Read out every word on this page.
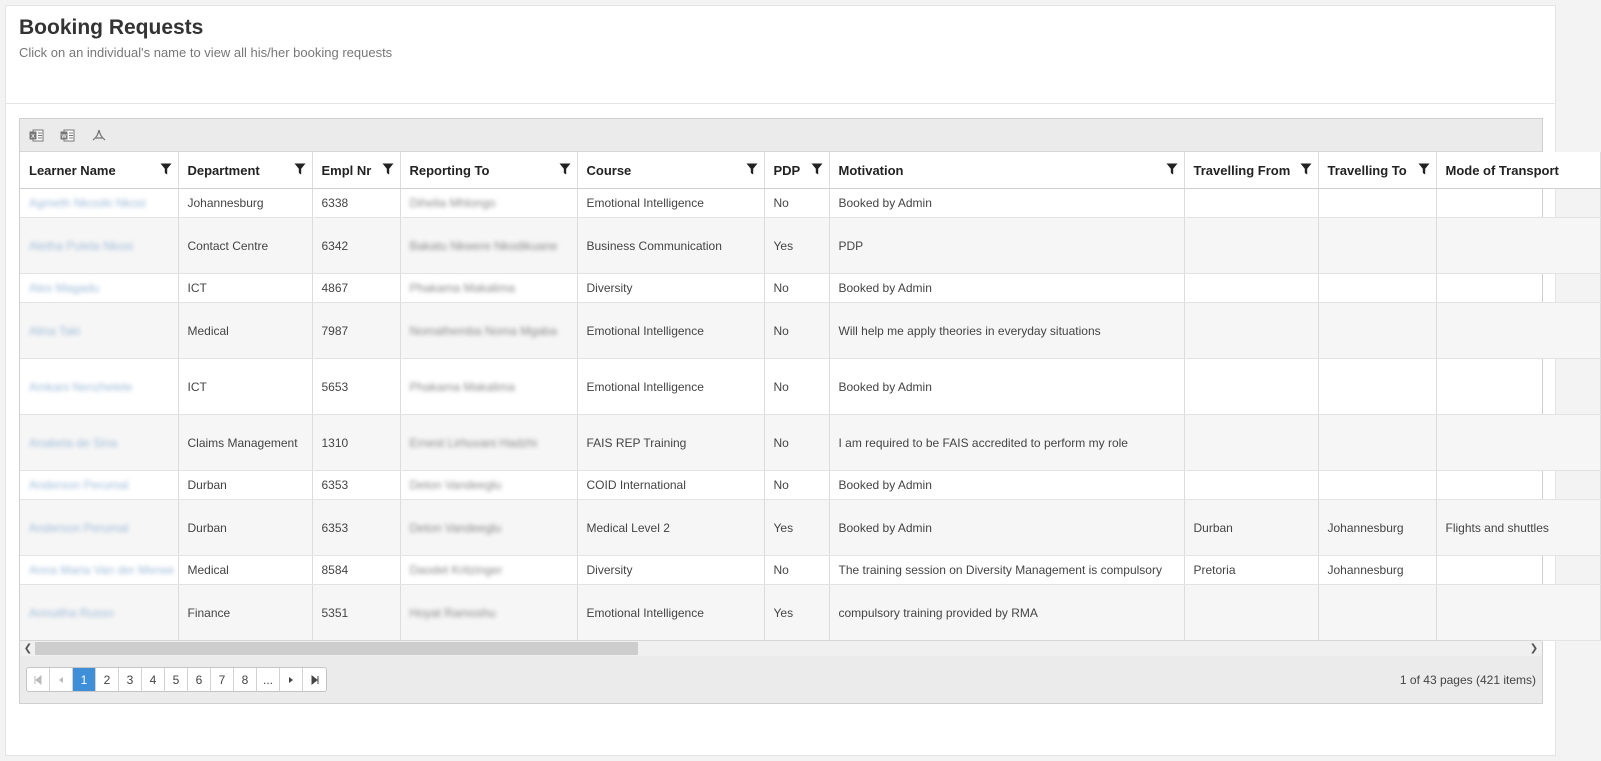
Booking Requests
Click on an individual's name to view all his/her booking requests
x	w
Learner Name	Department	Empl Nr	Reporting To	Course	PDP	Motivation	Travelling From	Travelling To	Mode of Transport
Agmeth Nkosiki Nkosi	Johannesburg	6338	Dihelia Mhlongo	Emotional Intelligence	No	Booked by Admin			
Aletha Pulela Nkosi	Contact Centre	6342	Bakatu Nkwere Nkodikuane	Business Communication	Yes	PDP			
Alex Magadu	ICT	4867	Phakama Makalima	Diversity	No	Booked by Admin			
Alina Taki	Medical	7987	Nomathemba Noma Mgaba	Emotional Intelligence	No	Will help me apply theories in everyday situations			
Amkani Nenzhelele	ICT	5653	Phakama Makalima	Emotional Intelligence	No	Booked by Admin			
Anabela de Sina	Claims Management	1310	Ernest Lirhuvani Hadzhi	FAIS REP Training	No	I am required to be FAIS accredited to perform my role			
Anderson Perumal	Durban	6353	Deton Vandeeglu	COID International	No	Booked by Admin			
Anderson Perumal	Durban	6353	Deton Vandeeglu	Medical Level 2	Yes	Booked by Admin	Durban	Johannesburg	Flights and shuttles
Anna Maria Van der Merwe	Medical	8584	Daodet Kritzinger	Diversity	No	The training session on Diversity Management is compulsory	Pretoria	Johannesburg	
Annuitha Russo	Finance	5351	Hoyat Ramoshu	Emotional Intelligence	Yes	compulsory training provided by RMA			
❮	❯
1	2	3	4	5	6	7	8	...	1 of 43 pages (421 items)
